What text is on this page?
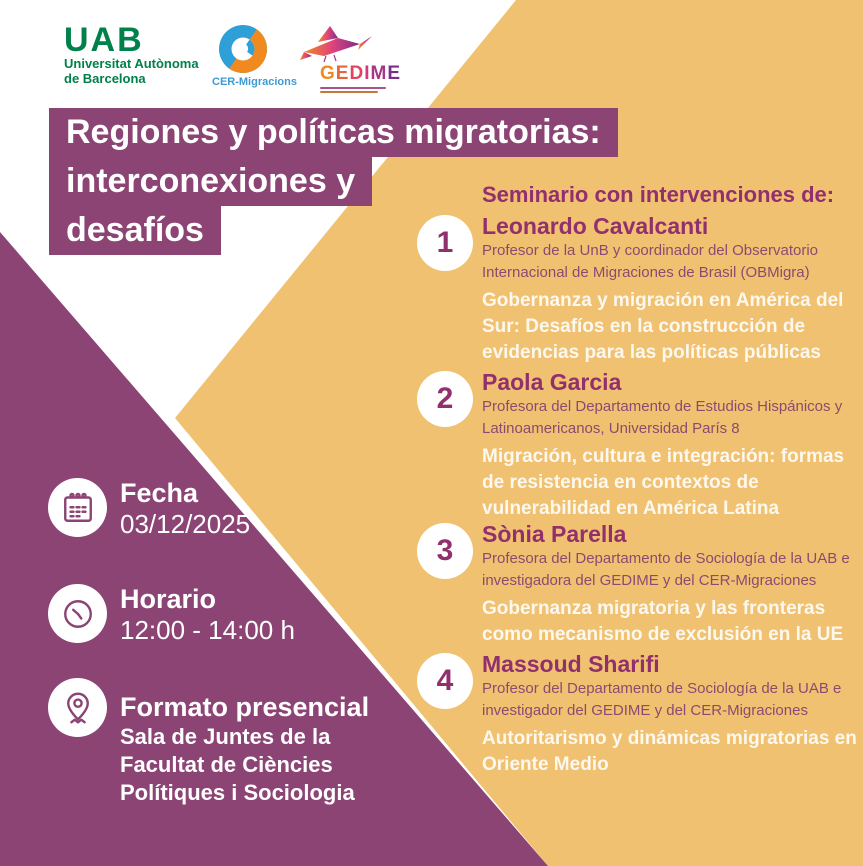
UAB
Universitat Autònoma
de Barcelona	CER-Migracions GEDIME
Regiones y políticas migratorias:
interconexiones y
desafíos
Seminario con intervenciones de:
1	Leonardo Cavalcanti
Profesor de la UnB y coordinador del Observatorio
Internacional de Migraciones de Brasil (OBMigra)
Gobernanza y migración en América del
Sur: Desafíos en la construcción de
evidencias para las políticas públicas
2	Paola Garcia
Profesora del Departamento de Estudios Hispánicos y
Latinoamericanos, Universidad París 8
Migración, cultura e integración: formas
de resistencia en contextos de
vulnerabilidad en América Latina
3	Sònia Parella
Profesora del Departamento de Sociología de la UAB e
investigadora del GEDIME y del CER-Migraciones
Gobernanza migratoria y las fronteras
como mecanismo de exclusión en la UE
4	Massoud Sharifi
Profesor del Departamento de Sociología de la UAB e
investigador del GEDIME y del CER-Migraciones
Autoritarismo y dinámicas migratorias en
Oriente Medio
Fecha
03/12/2025
Horario
12:00 - 14:00 h
Formato presencial
Sala de Juntes de la
Facultat de Ciències
Polítiques i Sociologia
